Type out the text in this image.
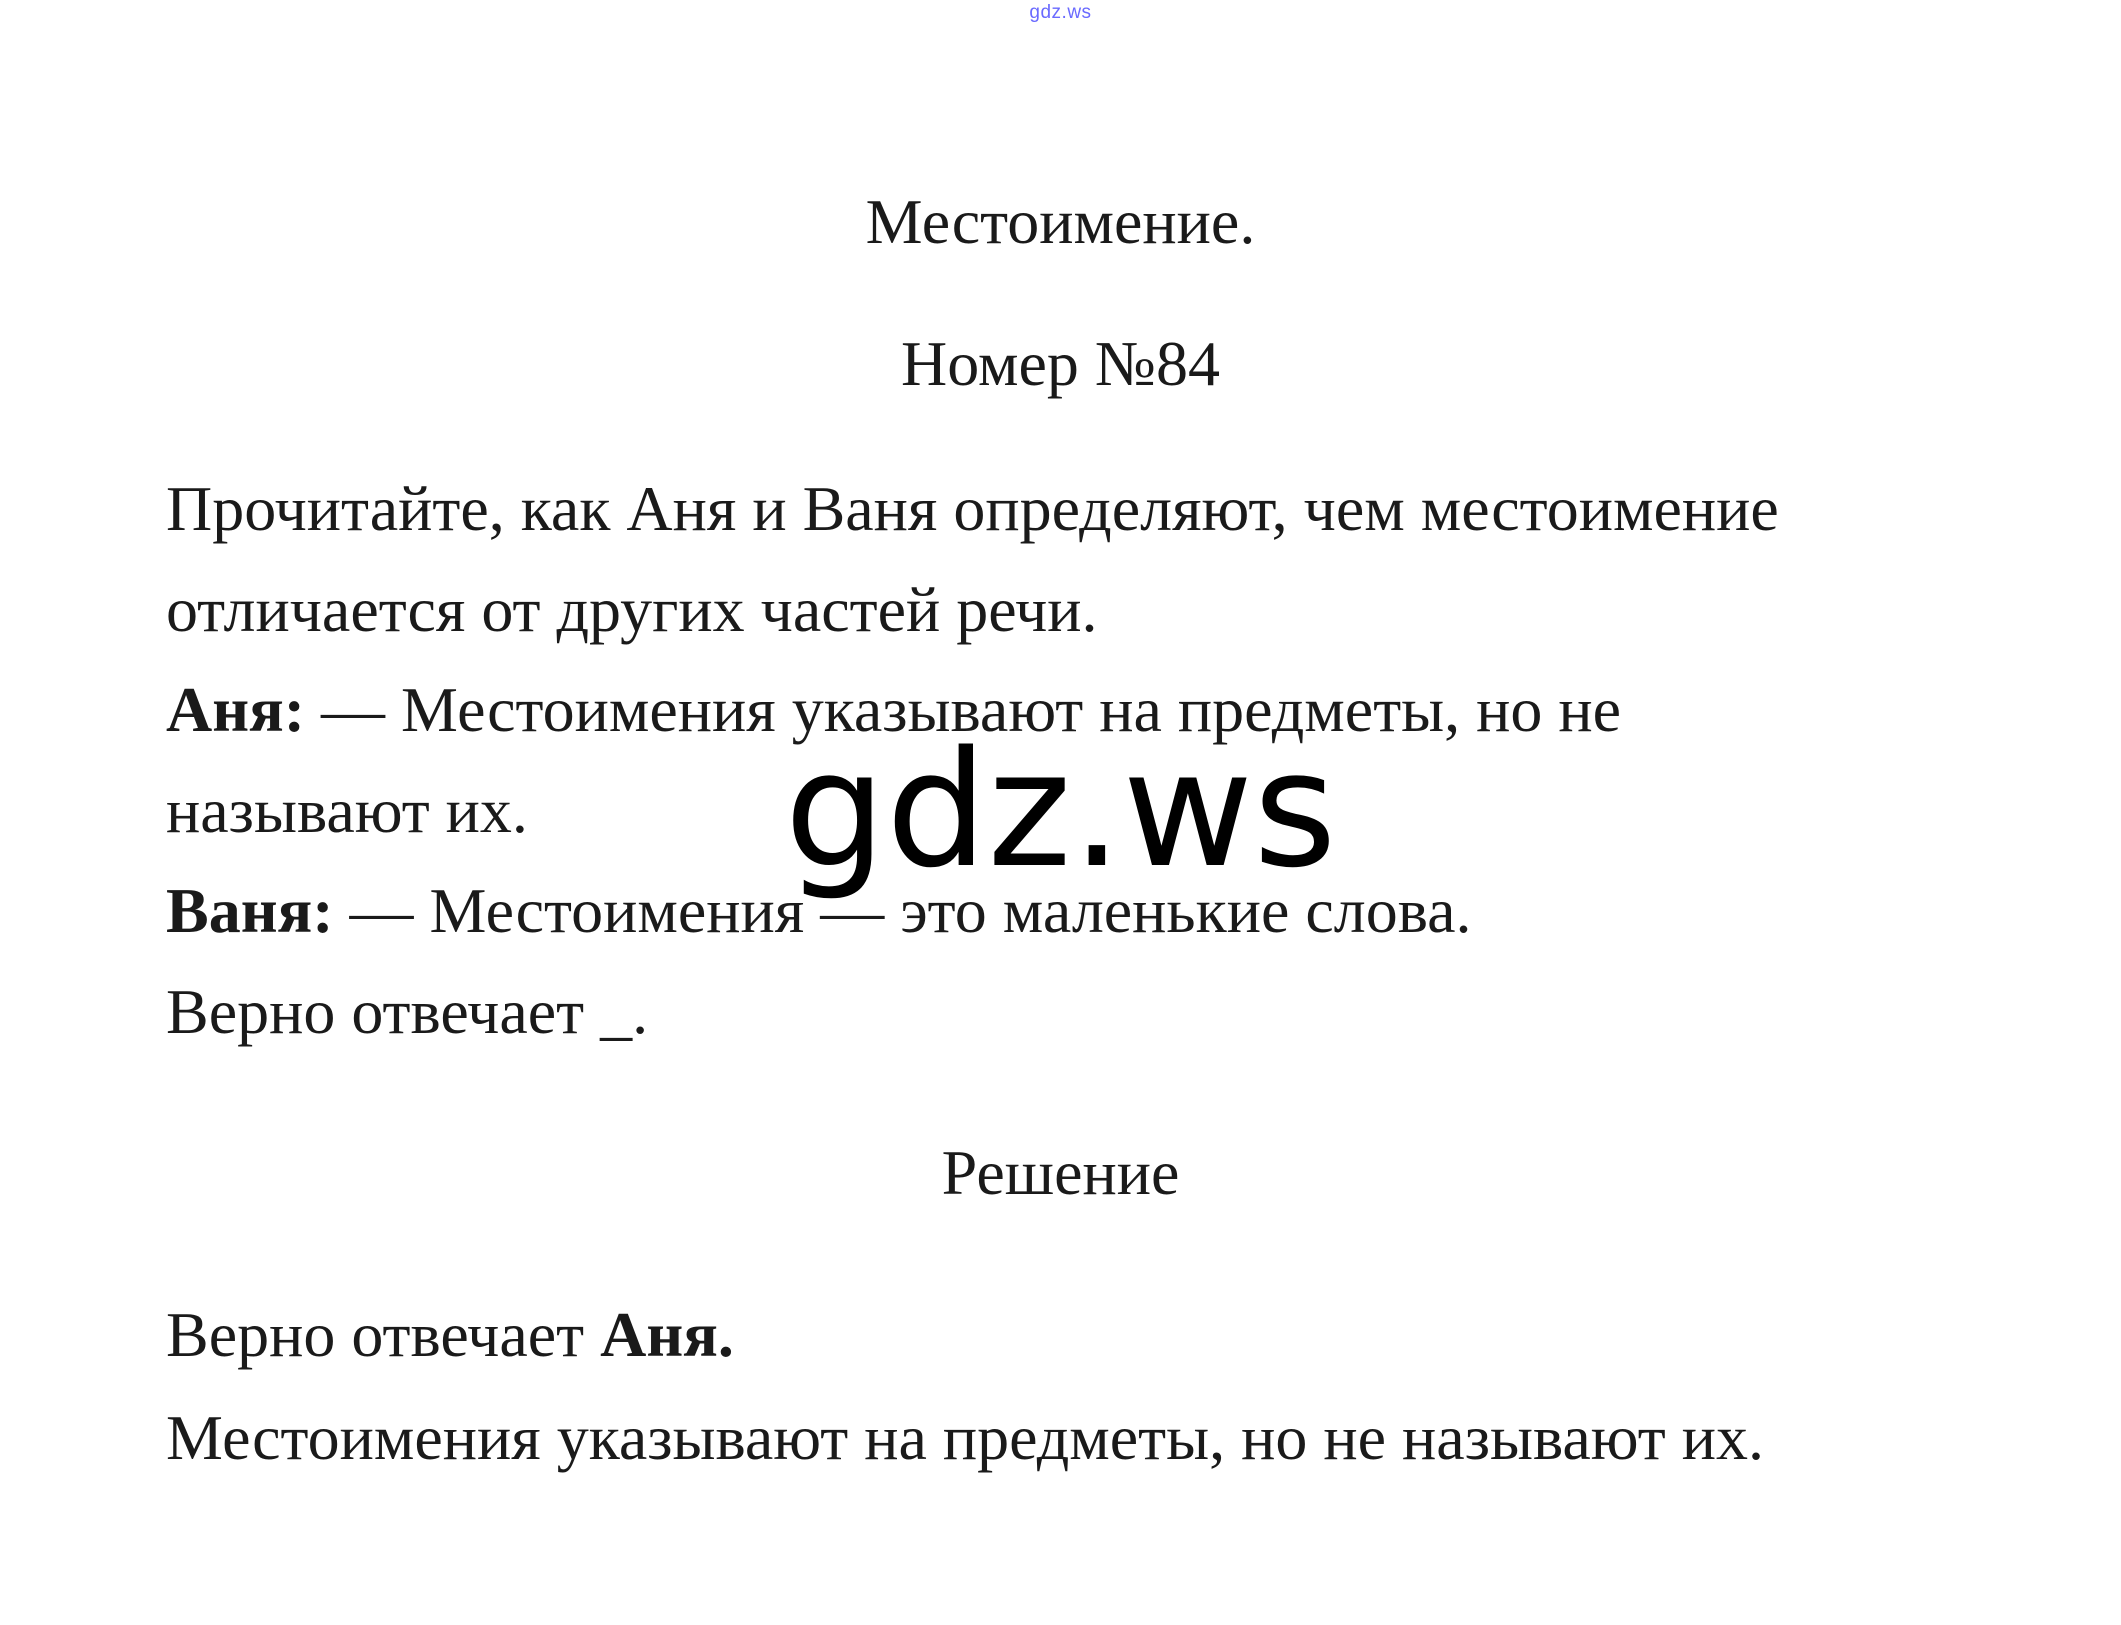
gdz.ws
Местоимение.
Номер №84
Прочитайте, как Аня и Ваня определяют, чем местоимение
отличается от других частей речи.
Аня: — Местоимения указывают на предметы, но не
называют их.
Ваня: — Местоимения — это маленькие слова.
Верно отвечает _.
Решение
Верно отвечает Аня.
Местоимения указывают на предметы, но не называют их.
gdz.ws
